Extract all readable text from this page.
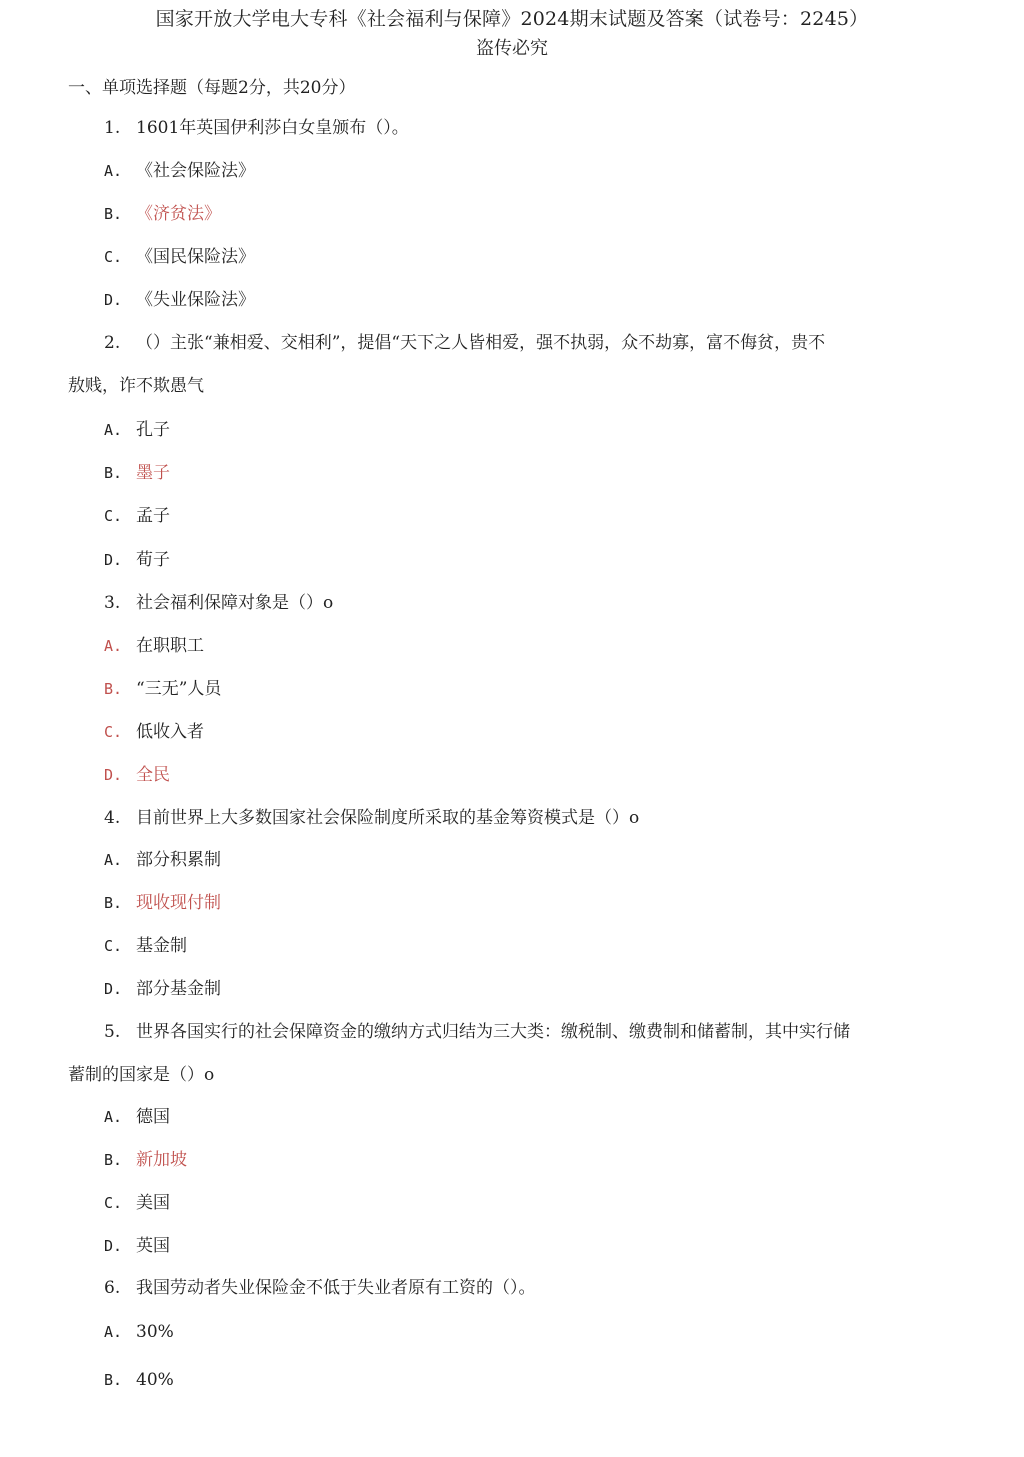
国家开放大学电大专科《社会福利与保障》2024期末试题及答案（试卷号：2245）
盗传必究
一、单项选择题（每题2分，共20分）
1. 1601年英国伊利莎白女皇颁布（）。
A. 《社会保险法》
B. 《济贫法》
C. 《国民保险法》
D. 《失业保险法》
2. （）主张“兼相爱、交相利”，提倡“天下之人皆相爱，强不执弱，众不劫寡，富不侮贫，贵不
敖贱，诈不欺愚气
A. 孔子
B. 墨子
C. 孟子
D. 荀子
3. 社会福利保障对象是（）o
A. 在职职工
B. “三无”人员
C. 低收入者
D. 全民
4. 目前世界上大多数国家社会保险制度所采取的基金筹资模式是（）o
A. 部分积累制
B. 现收现付制
C. 基金制
D. 部分基金制
5. 世界各国实行的社会保障资金的缴纳方式归结为三大类：缴税制、缴费制和储蓄制，其中实行储
蓄制的国家是（）o
A. 德国
B. 新加坡
C. 美国
D. 英国
6. 我国劳动者失业保险金不低于失业者原有工资的（）。
A. 30%
B. 40%
